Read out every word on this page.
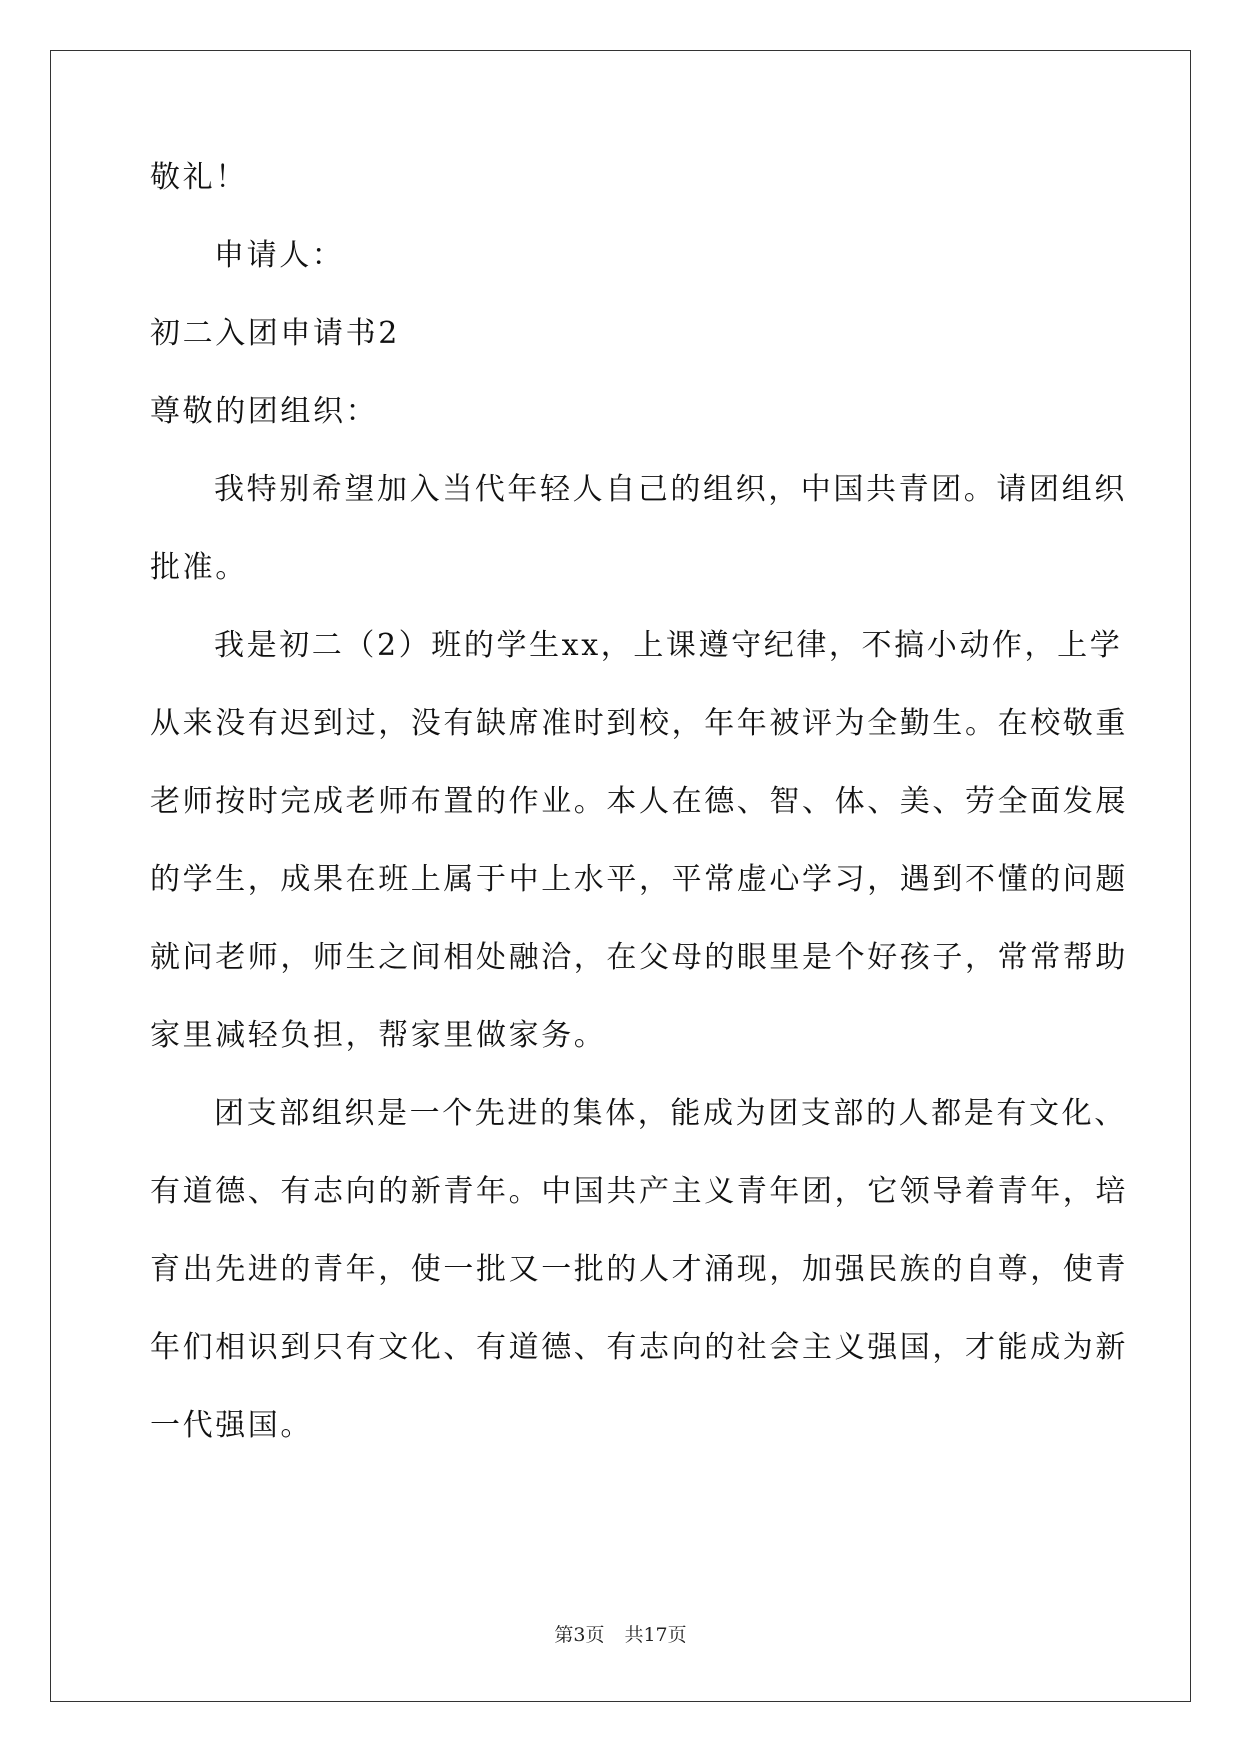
敬礼！
申请人：
初二入团申请书2
尊敬的团组织：
我特别希望加入当代年轻人自己的组织，中国共青团。请团组织
批准。
我是初二（2）班的学生xx，上课遵守纪律，不搞小动作，上学
从来没有迟到过，没有缺席准时到校，年年被评为全勤生。在校敬重
老师按时完成老师布置的作业。本人在德、智、体、美、劳全面发展
的学生，成果在班上属于中上水平，平常虚心学习，遇到不懂的问题
就问老师，师生之间相处融洽，在父母的眼里是个好孩子，常常帮助
家里减轻负担，帮家里做家务。
团支部组织是一个先进的集体，能成为团支部的人都是有文化、
有道德、有志向的新青年。中国共产主义青年团，它领导着青年，培
育出先进的青年，使一批又一批的人才涌现，加强民族的自尊，使青
年们相识到只有文化、有道德、有志向的社会主义强国，才能成为新
一代强国。
第3页 共17页
